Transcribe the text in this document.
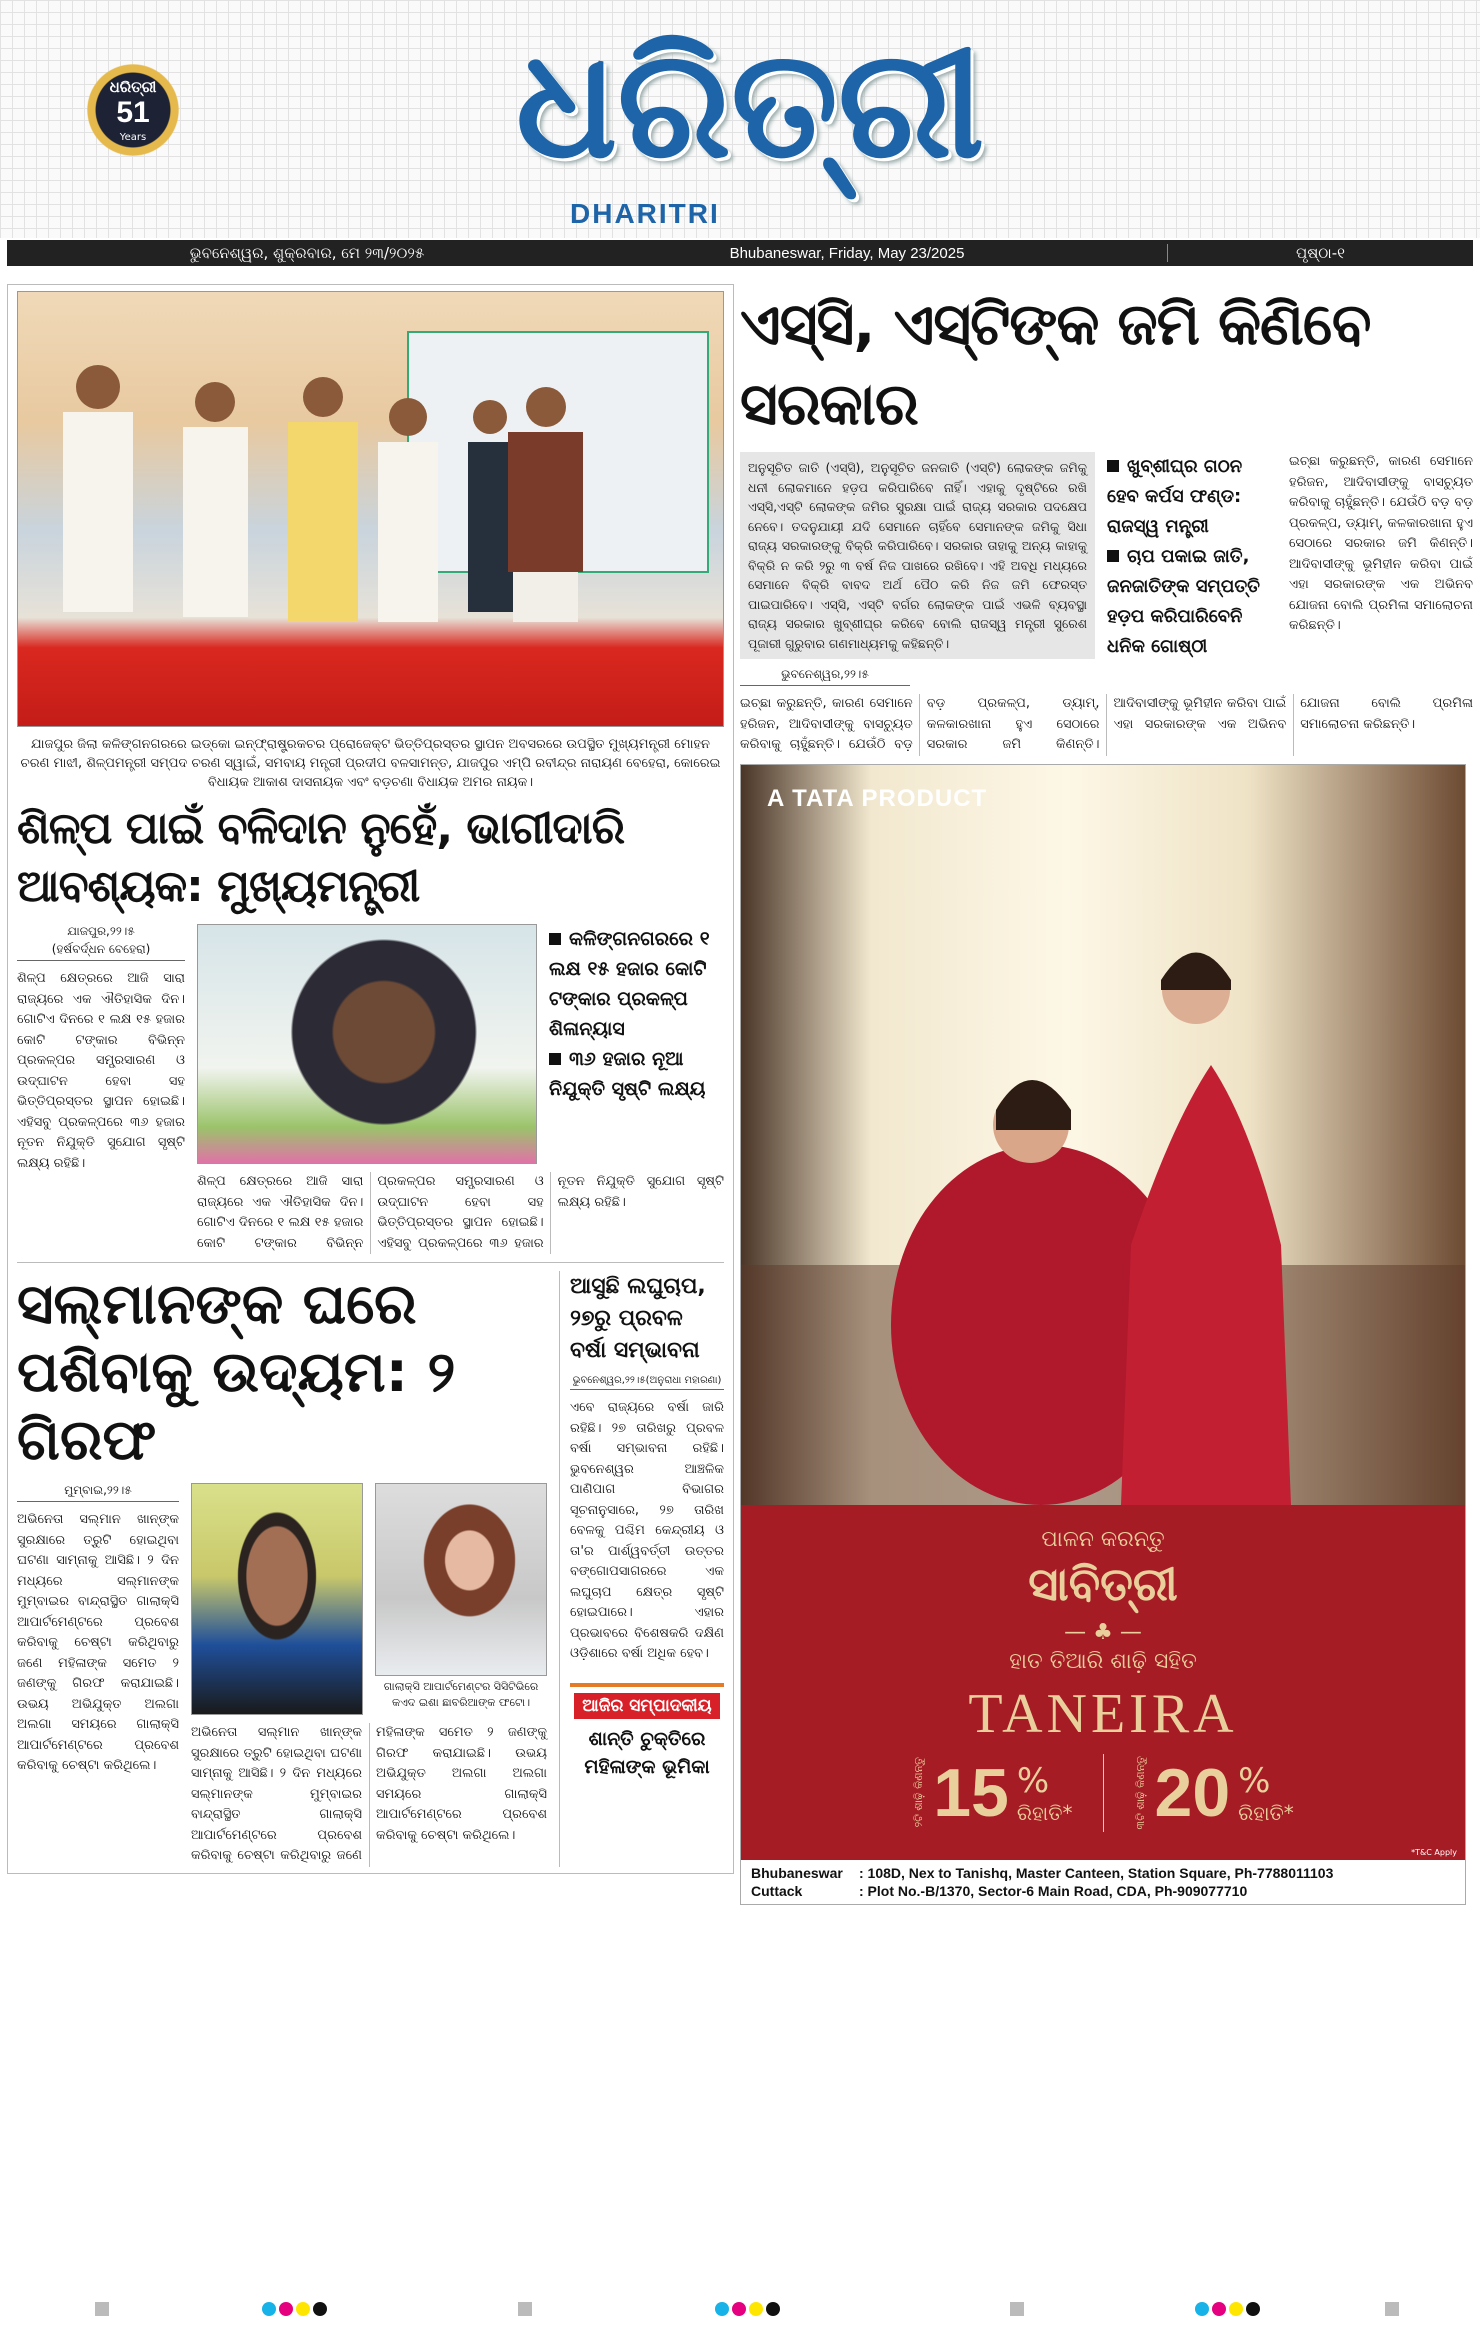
ଧରିତ୍ରୀ
51
Years	ଧରିତ୍ରୀ
DHARITRI
ଭୁବନେଶ୍ୱର, ଶୁକ୍ରବାର, ମେ ୨୩/୨୦୨୫	Bhubaneswar, Friday, May 23/2025	ପୃଷ୍ଠା-୧
ଯାଜପୁର ଜିଲା କଳିଙ୍ଗନଗରରେ ଇଡ୍‌କୋ ଇନ୍‌ଫ୍ରାଷ୍ଟ୍ରକଚର ପ୍ରୋଜେକ୍ଟ ଭିତ୍ତିପ୍ରସ୍ତର ସ୍ଥାପନ ଅବସରରେ ଉପସ୍ଥିତ ମୁଖ୍ୟମନ୍ତ୍ରୀ ମୋହନ ଚରଣ ମାଝୀ, ଶିଳ୍ପମନ୍ତ୍ରୀ ସମ୍ପଦ ଚରଣ ସ୍ୱାଇଁ, ସମବାୟ ମନ୍ତ୍ରୀ ପ୍ରଦୀପ ବଳସାମନ୍ତ, ଯାଜପୁର ଏମ୍‌ପି ରବୀନ୍ଦ୍ର ନାରାୟଣ ବେହେରା, କୋରେଇ ବିଧାୟକ ଆକାଶ ଦାସନାୟକ ଏବଂ ବଡ଼ଚଣା ବିଧାୟକ ଅମର ନାୟକ।
ଶିଳ୍ପ ପାଇଁ ବଳିଦାନ ନୁହେଁ, ଭାଗୀଦାରି ଆବଶ୍ୟକ: ମୁଖ୍ୟମନ୍ତ୍ରୀ
ଯାଜପୁର,୨୨।୫
(ହର୍ଷବର୍ଦ୍ଧନ ବେହେରା)

ଶିଳ୍ପ କ୍ଷେତ୍ରରେ ଆଜି ସାରା ରାଜ୍ୟରେ ଏକ ଐତିହାସିକ ଦିନ। ଗୋଟିଏ ଦିନରେ ୧ ଲକ୍ଷ ୧୫ ହଜାର କୋଟି ଟଙ୍କାର ବିଭିନ୍ନ ପ୍ରକଳ୍ପର ସମ୍ପ୍ରସାରଣ ଓ ଉଦ୍‌ଘାଟନ ହେବା ସହ ଭିତ୍ତିପ୍ରସ୍ତର ସ୍ଥାପନ ହୋଇଛି। ଏହିସବୁ ପ୍ରକଳ୍ପରେ ୩୬ ହଜାର ନୂତନ ନିଯୁକ୍ତି ସୁଯୋଗ ସୃଷ୍ଟି ଲକ୍ଷ୍ୟ ରହିଛି।

କଳିଙ୍ଗନଗରରେ ୧ ଲକ୍ଷ ୧୫ ହଜାର କୋଟି ଟଙ୍କାର ପ୍ରକଳ୍ପ ଶିଳାନ୍ୟାସ
୩୬ ହଜାର ନୂଆ ନିଯୁକ୍ତି ସୃଷ୍ଟି ଲକ୍ଷ୍ୟ

ଶିଳ୍ପ କ୍ଷେତ୍ରରେ ଆଜି ସାରା ରାଜ୍ୟରେ ଏକ ଐତିହାସିକ ଦିନ। ଗୋଟିଏ ଦିନରେ ୧ ଲକ୍ଷ ୧୫ ହଜାର କୋଟି ଟଙ୍କାର ବିଭିନ୍ନ ପ୍ରକଳ୍ପର ସମ୍ପ୍ରସାରଣ ଓ ଉଦ୍‌ଘାଟନ ହେବା ସହ ଭିତ୍ତିପ୍ରସ୍ତର ସ୍ଥାପନ ହୋଇଛି। ଏହିସବୁ ପ୍ରକଳ୍ପରେ ୩୬ ହଜାର ନୂତନ ନିଯୁକ୍ତି ସୁଯୋଗ ସୃଷ୍ଟି ଲକ୍ଷ୍ୟ ରହିଛି।

ସଲ୍‌ମାନଙ୍କ ଘରେ ପଶିବାକୁ ଉଦ୍ୟମ: ୨ ଗିରଫ
ମୁମ୍ବାଇ,୨୨।୫

ଅଭିନେତା ସଲ୍‌ମାନ ଖାନ୍‌ଙ୍କ ସୁରକ୍ଷାରେ ତ୍ରୁଟି ହୋଇଥିବା ଘଟଣା ସାମ୍ନାକୁ ଆସିଛି। ୨ ଦିନ ମଧ୍ୟରେ ସଲ୍‌ମାନଙ୍କ ମୁମ୍ବାଇର ବାନ୍ଦ୍ରାସ୍ଥିତ ଗାଲାକ୍ସି ଆପାର୍ଟମେଣ୍ଟରେ ପ୍ରବେଶ କରିବାକୁ ଚେଷ୍ଟା କରିଥିବାରୁ ଜଣେ ମହିଳାଙ୍କ ସମେତ ୨ ଜଣଙ୍କୁ ଗିରଫ କରାଯାଇଛି। ଉଭୟ ଅଭିଯୁକ୍ତ ଅଲଗା ଅଲଗା ସମୟରେ ଗାଲାକ୍ସି ଆପାର୍ଟମେଣ୍ଟରେ ପ୍ରବେଶ କରିବାକୁ ଚେଷ୍ଟା କରିଥିଲେ।

ଗାଲାକ୍ସି ଆପାର୍ଟମେଣ୍ଟର ସିସିଟିଭିରେ କଏଦ ଇଶା ଛାବରିଆଙ୍କ ଫଟୋ।

ଅଭିନେତା ସଲ୍‌ମାନ ଖାନ୍‌ଙ୍କ ସୁରକ୍ଷାରେ ତ୍ରୁଟି ହୋଇଥିବା ଘଟଣା ସାମ୍ନାକୁ ଆସିଛି। ୨ ଦିନ ମଧ୍ୟରେ ସଲ୍‌ମାନଙ୍କ ମୁମ୍ବାଇର ବାନ୍ଦ୍ରାସ୍ଥିତ ଗାଲାକ୍ସି ଆପାର୍ଟମେଣ୍ଟରେ ପ୍ରବେଶ କରିବାକୁ ଚେଷ୍ଟା କରିଥିବାରୁ ଜଣେ ମହିଳାଙ୍କ ସମେତ ୨ ଜଣଙ୍କୁ ଗିରଫ କରାଯାଇଛି। ଉଭୟ ଅଭିଯୁକ୍ତ ଅଲଗା ଅଲଗା ସମୟରେ ଗାଲାକ୍ସି ଆପାର୍ଟମେଣ୍ଟରେ ପ୍ରବେଶ କରିବାକୁ ଚେଷ୍ଟା କରିଥିଲେ।

ଆସୁଛି ଲଘୁଚାପ, ୨୭ରୁ ପ୍ରବଳ ବର୍ଷା ସମ୍ଭାବନା
ଭୁବନେଶ୍ୱର,୨୨।୫(ଅନୁରାଧା ମହାରଣା)

ଏବେ ରାଜ୍ୟରେ ବର୍ଷା ଜାରି ରହିଛି। ୨୭ ତାରିଖରୁ ପ୍ରବଳ ବର୍ଷା ସମ୍ଭାବନା ରହିଛି। ଭୁବନେଶ୍ୱର ଆଞ୍ଚଳିକ ପାଣିପାଗ ବିଭାଗର ସୂଚନାନୁସାରେ, ୨୭ ତାରିଖ ବେଳକୁ ପଶ୍ଚିମ କେନ୍ଦ୍ରୀୟ ଓ ତା'ର ପାର୍ଶ୍ୱବର୍ତ୍ତୀ ଉତ୍ତର ବଙ୍ଗୋପସାଗରରେ ଏକ ଲଘୁଚାପ କ୍ଷେତ୍ର ସୃଷ୍ଟି ହୋଇପାରେ। ଏହାର ପ୍ରଭାବରେ ବିଶେଷକରି ଦକ୍ଷିଣ ଓଡ଼ିଶାରେ ବର୍ଷା ଅଧିକ ହେବ।

ଆଜିର ସମ୍ପାଦକୀୟ
ଶାନ୍ତି ଚୁକ୍ତିରେ ମହିଳାଙ୍କ ଭୂମିକା
ଏସ୍‌ସି, ଏସ୍‌ଟିଙ୍କ ଜମି କିଣିବେ ସରକାର
ଅନୁସୂଚିତ ଜାତି (ଏସ୍‌ସି), ଅନୁସୂଚିତ ଜନଜାତି (ଏସ୍‌ଟି) ଲୋକଙ୍କ ଜମିକୁ ଧନୀ ଲୋକମାନେ ହଡ଼ପ କରିପାରିବେ ନାହିଁ। ଏହାକୁ ଦୃଷ୍ଟିରେ ରଖି ଏସ୍‌ସି,ଏସ୍‌ଟି ଲୋକଙ୍କ ଜମିର ସୁରକ୍ଷା ପାଇଁ ରାଜ୍ୟ ସରକାର ପଦକ୍ଷେପ ନେବେ। ତଦନୁଯାୟୀ ଯଦି ସେମାନେ ଚାହିଁବେ ସେମାନଙ୍କ ଜମିକୁ ସିଧା ରାଜ୍ୟ ସରକାରଙ୍କୁ ବିକ୍ରି କରିପାରିବେ। ସରକାର ତାହାକୁ ଅନ୍ୟ କାହାକୁ ବିକ୍ରି ନ କରି ୨ରୁ ୩ ବର୍ଷ ନିଜ ପାଖରେ ରଖିବେ। ଏହି ଅବଧି ମଧ୍ୟରେ ସେମାନେ ବିକ୍ରି ବାବଦ ଅର୍ଥ ପୈଠ କରି ନିଜ ଜମି ଫେରସ୍ତ ପାଇପାରିବେ। ଏସ୍‌ସି, ଏସ୍‌ଟି ବର୍ଗର ଲୋକଙ୍କ ପାଇଁ ଏଭଳି ବ୍ୟବସ୍ଥା ରାଜ୍ୟ ସରକାର ଖୁବ୍‌ଶୀଘ୍ର କରିବେ ବୋଲି ରାଜସ୍ୱ ମନ୍ତ୍ରୀ ସୁରେଶ ପୂଜାରୀ ଗୁରୁବାର ଗଣମାଧ୍ୟମକୁ କହିଛନ୍ତି।
ଭୁବନେଶ୍ୱର,୨୨।୫
ଖୁବ୍‌ଶୀଘ୍ର ଗଠନ ହେବ କର୍ପସ ଫଣ୍ଡ: ରାଜସ୍ୱ ମନ୍ତ୍ରୀ
ଚାପ ପକାଇ ଜାତି, ଜନଜାତିଙ୍କ ସମ୍ପତ୍ତି ହଡ଼ପ କରିପାରିବେନି ଧନିକ ଗୋଷ୍ଠୀ

ଇଚ୍ଛା କରୁଛନ୍ତି, କାରଣ ସେମାନେ ହରିଜନ, ଆଦିବାସୀଙ୍କୁ ବାସଚ୍ୟୁତ କରିବାକୁ ଚାହୁଁଛନ୍ତି। ଯେଉଁଠି ବଡ଼ ବଡ଼ ପ୍ରକଳ୍ପ, ଡ୍ୟାମ୍, କଳକାରଖାନା ହୁଏ ସେଠାରେ ସରକାର ଜମି କିଣନ୍ତି। ଆଦିବାସୀଙ୍କୁ ଭୂମିହୀନ କରିବା ପାଇଁ ଏହା ସରକାରଙ୍କ ଏକ ଅଭିନବ ଯୋଜନା ବୋଲି ପ୍ରମିଳା ସମାଲୋଚନା କରିଛନ୍ତି।

ଇଚ୍ଛା କରୁଛନ୍ତି, କାରଣ ସେମାନେ ହରିଜନ, ଆଦିବାସୀଙ୍କୁ ବାସଚ୍ୟୁତ କରିବାକୁ ଚାହୁଁଛନ୍ତି। ଯେଉଁଠି ବଡ଼ ବଡ଼ ପ୍ରକଳ୍ପ, ଡ୍ୟାମ୍, କଳକାରଖାନା ହୁଏ ସେଠାରେ ସରକାର ଜମି କିଣନ୍ତି। ଆଦିବାସୀଙ୍କୁ ଭୂମିହୀନ କରିବା ପାଇଁ ଏହା ସରକାରଙ୍କ ଏକ ଅଭିନବ ଯୋଜନା ବୋଲି ପ୍ରମିଳା ସମାଲୋଚନା କରିଛନ୍ତି।

A TATA PRODUCT
ପାଳନ କରନ୍ତୁ
ସାବିତ୍ରୀ
— ♣ —
ହାତ ତିଆରି ଶାଢ଼ି ସହିତ
TANEIRA
୨ଟି ଶାଢ଼ି କିଣନ୍ତୁ 15 %
ରିହାତି*	୩ଟି ଶାଢ଼ି କିଣନ୍ତୁ 20 %
ରିହାତି*
*T&C Apply
Bhubaneswar	: 108D, Nex to Tanishq, Master Canteen, Station Square, Ph-7788011103
Cuttack	: Plot No.-B/1370, Sector-6 Main Road, CDA, Ph-909077710
